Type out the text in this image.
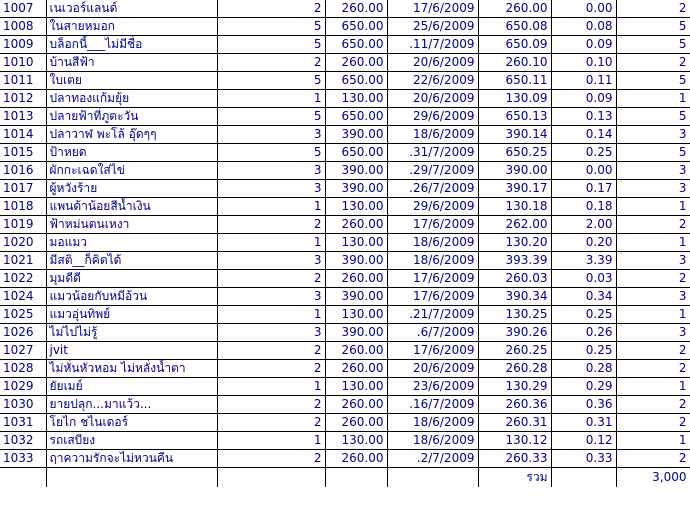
1007	เนเวอร์แลนด์	2	260.00	17/6/2009	260.00	0.00	2
1008	ในสายหมอก	5	650.00	25/6/2009	650.08	0.08	5
1009	บล็อกนี้___ไม่มีชื่อ	5	650.00	.11/7/2009	650.09	0.09	5
1010	บ้านสีฟ้า	2	260.00	20/6/2009	260.10	0.10	2
1011	ใบเตย	5	650.00	22/6/2009	650.11	0.11	5
1012	ปลาทองแก้มยุ้ย	1	130.00	20/6/2009	130.09	0.09	1
1013	ปลายฟ้าที่ภูตะวัน	5	650.00	29/6/2009	650.13	0.13	5
1014	ปลาวาฬ พะโล้ อุ๊ดๆๆ	3	390.00	18/6/2009	390.14	0.14	3
1015	ป้าหยด	5	650.00	.31/7/2009	650.25	0.25	5
1016	ผักกะเฉดใส่ไข่	3	390.00	.29/7/2009	390.00	0.00	3
1017	ผู้หวังร้าย	3	390.00	.26/7/2009	390.17	0.17	3
1018	แพนด้าน้อยสีน้ำเงิน	1	130.00	29/6/2009	130.18	0.18	1
1019	ฟ้าหม่นตนเหงา	2	260.00	17/6/2009	262.00	2.00	2
1020	มอแมว	1	130.00	18/6/2009	130.20	0.20	1
1021	มีสติ__ก็คิดได้	3	390.00	18/6/2009	393.39	3.39	3
1022	มุมดีดี	2	260.00	17/6/2009	260.03	0.03	2
1024	แมวน้อยกับหมีอ้วน	3	390.00	17/6/2009	390.34	0.34	3
1025	แมวอุ่นทิพย์	1	130.00	.21/7/2009	130.25	0.25	1
1026	ไม่ไปไม่รู้	3	390.00	.6/7/2009	390.26	0.26	3
1027	jvit	2	260.00	17/6/2009	260.25	0.25	2
1028	ไม่หั่นหัวหอม ไม่หลั่งน้ำตา	2	260.00	20/6/2009	260.28	0.28	2
1029	ยัยเมย์	1	130.00	23/6/2009	130.29	0.29	1
1030	ยายปลุก...มาแว้ว...	2	260.00	.16/7/2009	260.36	0.36	2
1031	โยไก ชไนเดอร์	2	260.00	18/6/2009	260.31	0.31	2
1032	รถเสบียง	1	130.00	18/6/2009	130.12	0.12	1
1033	ฤาความรักจะไม่หวนคืน	2	260.00	.2/7/2009	260.33	0.33	2
					รวม		3,000
